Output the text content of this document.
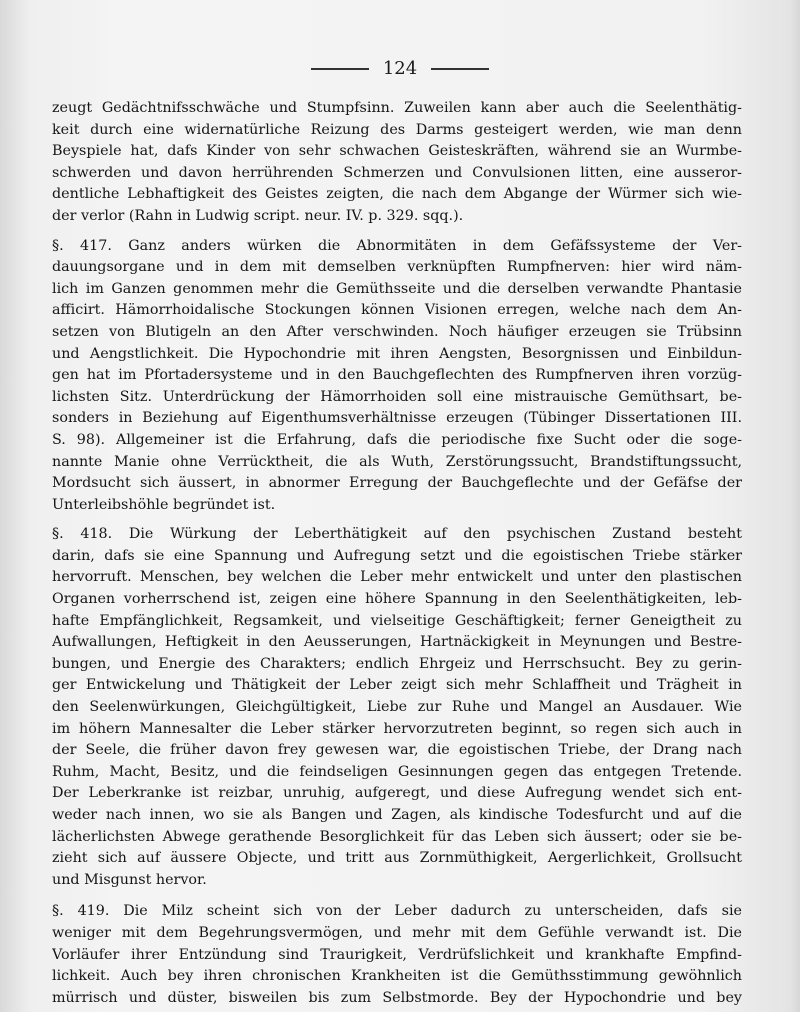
124
zeugt Gedächtnifsschwäche und Stumpfsinn. Zuweilen kann aber auch die Seelenthätig-
keit durch eine widernatürliche Reizung des Darms gesteigert werden, wie man denn
Beyspiele hat, dafs Kinder von sehr schwachen Geisteskräften, während sie an Wurmbe-
schwerden und davon herrührenden Schmerzen und Convulsionen litten, eine ausseror-
dentliche Lebhaftigkeit des Geistes zeigten, die nach dem Abgange der Würmer sich wie-
der verlor (Rahn in Ludwig script. neur. IV. p. 329. sqq.).
§. 417. Ganz anders würken die Abnormitäten in dem Gefäfssysteme der Ver-
dauungsorgane und in dem mit demselben verknüpften Rumpfnerven: hier wird näm-
lich im Ganzen genommen mehr die Gemüthsseite und die derselben verwandte Phantasie
afficirt. Hämorrhoidalische Stockungen können Visionen erregen, welche nach dem An-
setzen von Blutigeln an den After verschwinden. Noch häufiger erzeugen sie Trübsinn
und Aengstlichkeit. Die Hypochondrie mit ihren Aengsten, Besorgnissen und Einbildun-
gen hat im Pfortadersysteme und in den Bauchgeflechten des Rumpfnerven ihren vorzüg-
lichsten Sitz. Unterdrückung der Hämorrhoiden soll eine mistrauische Gemüthsart, be-
sonders in Beziehung auf Eigenthumsverhältnisse erzeugen (Tübinger Dissertationen III.
S. 98). Allgemeiner ist die Erfahrung, dafs die periodische fixe Sucht oder die soge-
nannte Manie ohne Verrücktheit, die als Wuth, Zerstörungssucht, Brandstiftungssucht,
Mordsucht sich äussert, in abnormer Erregung der Bauchgeflechte und der Gefäfse der
Unterleibshöhle begründet ist.
§. 418. Die Würkung der Leberthätigkeit auf den psychischen Zustand besteht
darin, dafs sie eine Spannung und Aufregung setzt und die egoistischen Triebe stärker
hervorruft. Menschen, bey welchen die Leber mehr entwickelt und unter den plastischen
Organen vorherrschend ist, zeigen eine höhere Spannung in den Seelenthätigkeiten, leb-
hafte Empfänglichkeit, Regsamkeit, und vielseitige Geschäftigkeit; ferner Geneigtheit zu
Aufwallungen, Heftigkeit in den Aeusserungen, Hartnäckigkeit in Meynungen und Bestre-
bungen, und Energie des Charakters; endlich Ehrgeiz und Herrschsucht. Bey zu gerin-
ger Entwickelung und Thätigkeit der Leber zeigt sich mehr Schlaffheit und Trägheit in
den Seelenwürkungen, Gleichgültigkeit, Liebe zur Ruhe und Mangel an Ausdauer. Wie
im höhern Mannesalter die Leber stärker hervorzutreten beginnt, so regen sich auch in
der Seele, die früher davon frey gewesen war, die egoistischen Triebe, der Drang nach
Ruhm, Macht, Besitz, und die feindseligen Gesinnungen gegen das entgegen Tretende.
Der Leberkranke ist reizbar, unruhig, aufgeregt, und diese Aufregung wendet sich ent-
weder nach innen, wo sie als Bangen und Zagen, als kindische Todesfurcht und auf die
lächerlichsten Abwege gerathende Besorglichkeit für das Leben sich äussert; oder sie be-
zieht sich auf äussere Objecte, und tritt aus Zornmüthigkeit, Aergerlichkeit, Grollsucht
und Misgunst hervor.
§. 419. Die Milz scheint sich von der Leber dadurch zu unterscheiden, dafs sie
weniger mit dem Begehrungsvermögen, und mehr mit dem Gefühle verwandt ist. Die
Vorläufer ihrer Entzündung sind Traurigkeit, Verdrüfslichkeit und krankhafte Empfind-
lichkeit. Auch bey ihren chronischen Krankheiten ist die Gemüthsstimmung gewöhnlich
mürrisch und düster, bisweilen bis zum Selbstmorde. Bey der Hypochondrie und bey
